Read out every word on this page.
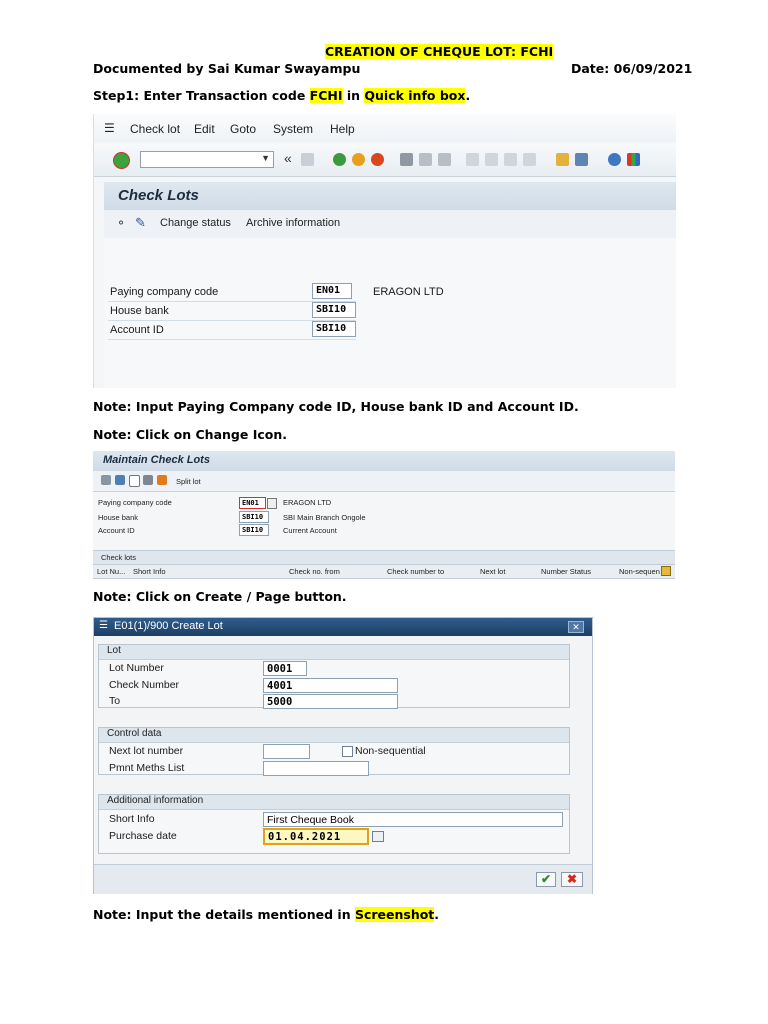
CREATION OF CHEQUE LOT: FCHI
Documented by Sai Kumar Swayampu	Date: 06/09/2021
Step1: Enter Transaction code FCHI in Quick info box.
☰ Check lot Edit Goto System Help
▼ «
Check Lots
⚬ ✎ Change status Archive information
Paying company code	EN01	ERAGON LTD
House bank	SBI10
Account ID	SBI10
Note: Input Paying Company code ID, House bank ID and Account ID.
Note: Click on Change Icon.
Maintain Check Lots
Split lot
Paying company code	EN01	ERAGON LTD
House bank	SBI10	SBI Main Branch Ongole
Account ID	SBI10	Current Account
Check lots
Lot Nu... Short Info	Check no. from	Check number to	Next lot	Number Status	Non-sequen
Note: Click on Create / Page button.
☰ E01(1)/900 Create Lot	✕
Lot
Lot Number	0001
Check Number	4001
To	5000
Control data
Next lot number	Non-sequential
Pmnt Meths List
Additional information
Short Info	First Cheque Book
Purchase date	01.04.2021
✔	✖
Note: Input the details mentioned in Screenshot.
